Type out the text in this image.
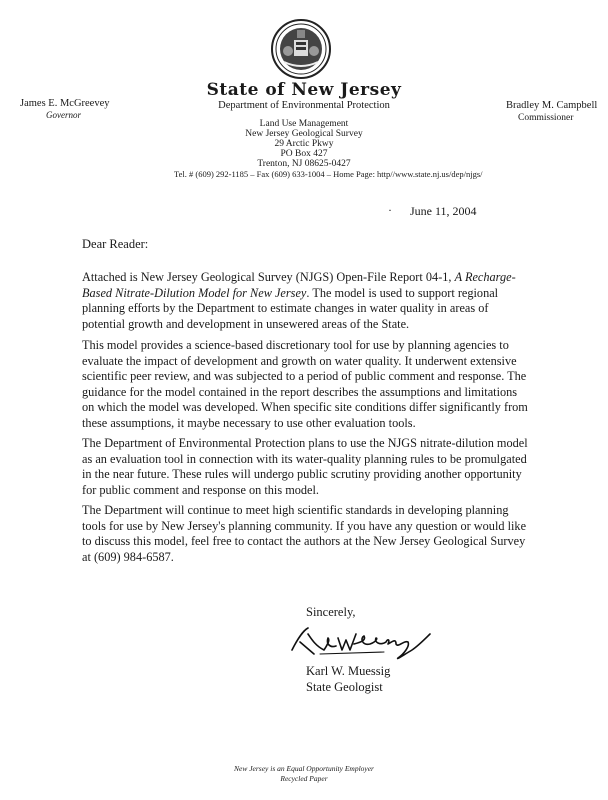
State of New Jersey
James E. McGreevey
Governor
Bradley M. Campbell
Commissioner
Department of Environmental Protection
Land Use Management
New Jersey Geological Survey
29 Arctic Pkwy
PO Box 427
Trenton, NJ 08625-0427
Tel. # (609) 292-1185 – Fax (609) 633-1004 – Home Page: http//www.state.nj.us/dep/njgs/
· June 11, 2004
Dear Reader:

Attached is New Jersey Geological Survey (NJGS) Open-File Report 04-1, A Recharge-Based Nitrate-Dilution Model for New Jersey. The model is used to support regional planning efforts by the Department to estimate changes in water quality in areas of potential growth and development in unsewered areas of the State.

This model provides a science-based discretionary tool for use by planning agencies to evaluate the impact of development and growth on water quality. It underwent extensive scientific peer review, and was subjected to a period of public comment and response. The guidance for the model contained in the report describes the assumptions and limitations on which the model was developed. When specific site conditions differ significantly from these assumptions, it maybe necessary to use other evaluation tools.

The Department of Environmental Protection plans to use the NJGS nitrate-dilution model as an evaluation tool in connection with its water-quality planning rules to be promulgated in the near future. These rules will undergo public scrutiny providing another opportunity for public comment and response on this model.

The Department will continue to meet high scientific standards in developing planning tools for use by New Jersey's planning community. If you have any question or would like to discuss this model, feel free to contact the authors at the New Jersey Geological Survey at (609) 984-6587.

Sincerely,
Karl W. Muessig
State Geologist
New Jersey is an Equal Opportunity Employer
Recycled Paper
